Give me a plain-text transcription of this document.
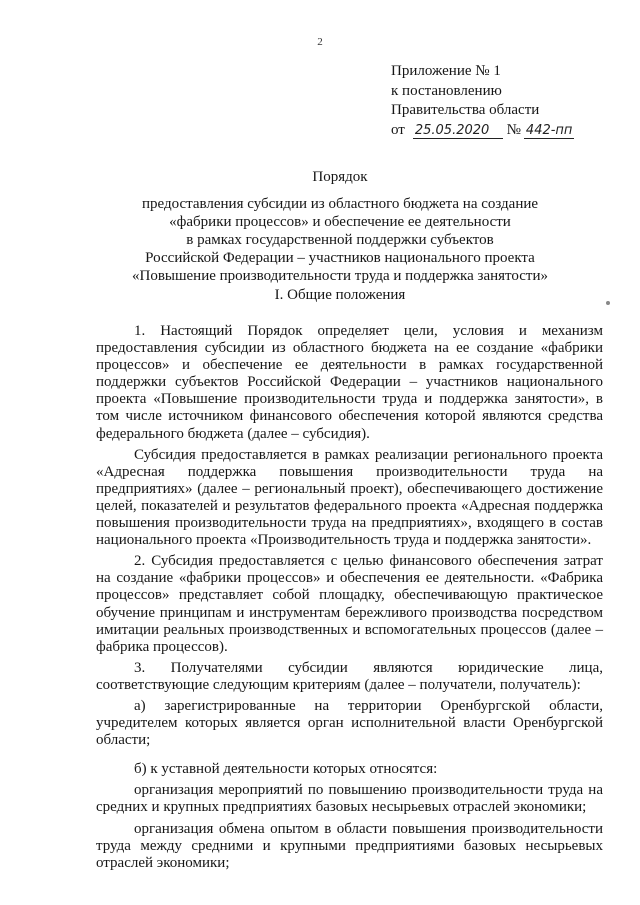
2
Приложение № 1
к постановлению
Правительства области
от 25.05.2020 № 442-пп
Порядок
предоставления субсидии из областного бюджета на создание
«фабрики процессов» и обеспечение ее деятельности
в рамках государственной поддержки субъектов
Российской Федерации – участников национального проекта
«Повышение производительности труда и поддержка занятости»
I. Общие положения

1. Настоящий Порядок определяет цели, условия и механизм предоставления субсидии из областного бюджета на ее создание «фабрики процессов» и обеспечение ее деятельности в рамках государственной поддержки субъектов Российской Федерации – участников национального проекта «Повышение производительности труда и поддержка занятости», в том числе источником финансового обеспечения которой являются средства федерального бюджета (далее – субсидия).

Субсидия предоставляется в рамках реализации регионального проекта «Адресная поддержка повышения производительности труда на предприятиях» (далее – региональный проект), обеспечивающего достижение целей, показателей и результатов федерального проекта «Адресная поддержка повышения производительности труда на предприятиях», входящего в состав национального проекта «Производительность труда и поддержка занятости».

2. Субсидия предоставляется с целью финансового обеспечения затрат на создание «фабрики процессов» и обеспечения ее деятельности. «Фабрика процессов» представляет собой площадку, обеспечивающую практическое обучение принципам и инструментам бережливого производства посредством имитации реальных производственных и вспомогательных процессов (далее – фабрика процессов).

3. Получателями субсидии являются юридические лица, соответствующие следующим критериям (далее – получатели, получатель):

а) зарегистрированные на территории Оренбургской области, учредителем которых является орган исполнительной власти Оренбургской области;

б) к уставной деятельности которых относятся:

организация мероприятий по повышению производительности труда на средних и крупных предприятиях базовых несырьевых отраслей экономики;

организация обмена опытом в области повышения производительности труда между средними и крупными предприятиями базовых несырьевых отраслей экономики;
